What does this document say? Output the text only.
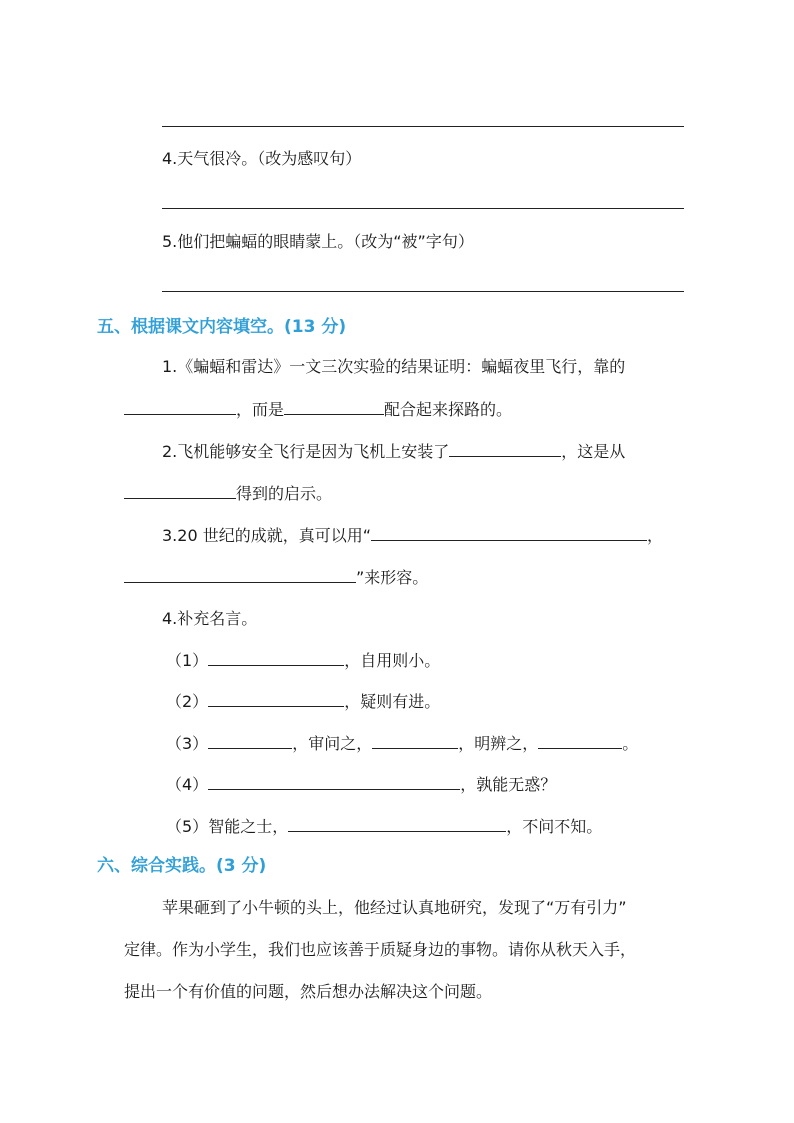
4.天气很冷。（改为感叹句）
5.他们把蝙蝠的眼睛蒙上。（改为“被”字句）
五、根据课文内容填空。(13 分)
1.《蝙蝠和雷达》一文三次实验的结果证明：蝙蝠夜里飞行，靠的
，而是	配合起来探路的。
2.飞机能够安全飞行是因为飞机上安装了	，这是从
得到的启示。
3.20 世纪的成就，真可以用“	，
”来形容。
4.补充名言。
（1）	，自用则小。
（2）	，疑则有进。
（3）	，审问之，	，明辨之，	。
（4）	，孰能无惑？
（5）智能之士，	，不问不知。
六、综合实践。(3 分)
苹果砸到了小牛顿的头上，他经过认真地研究，发现了“万有引力”
定律。作为小学生，我们也应该善于质疑身边的事物。请你从秋天入手，
提出一个有价值的问题，然后想办法解决这个问题。
